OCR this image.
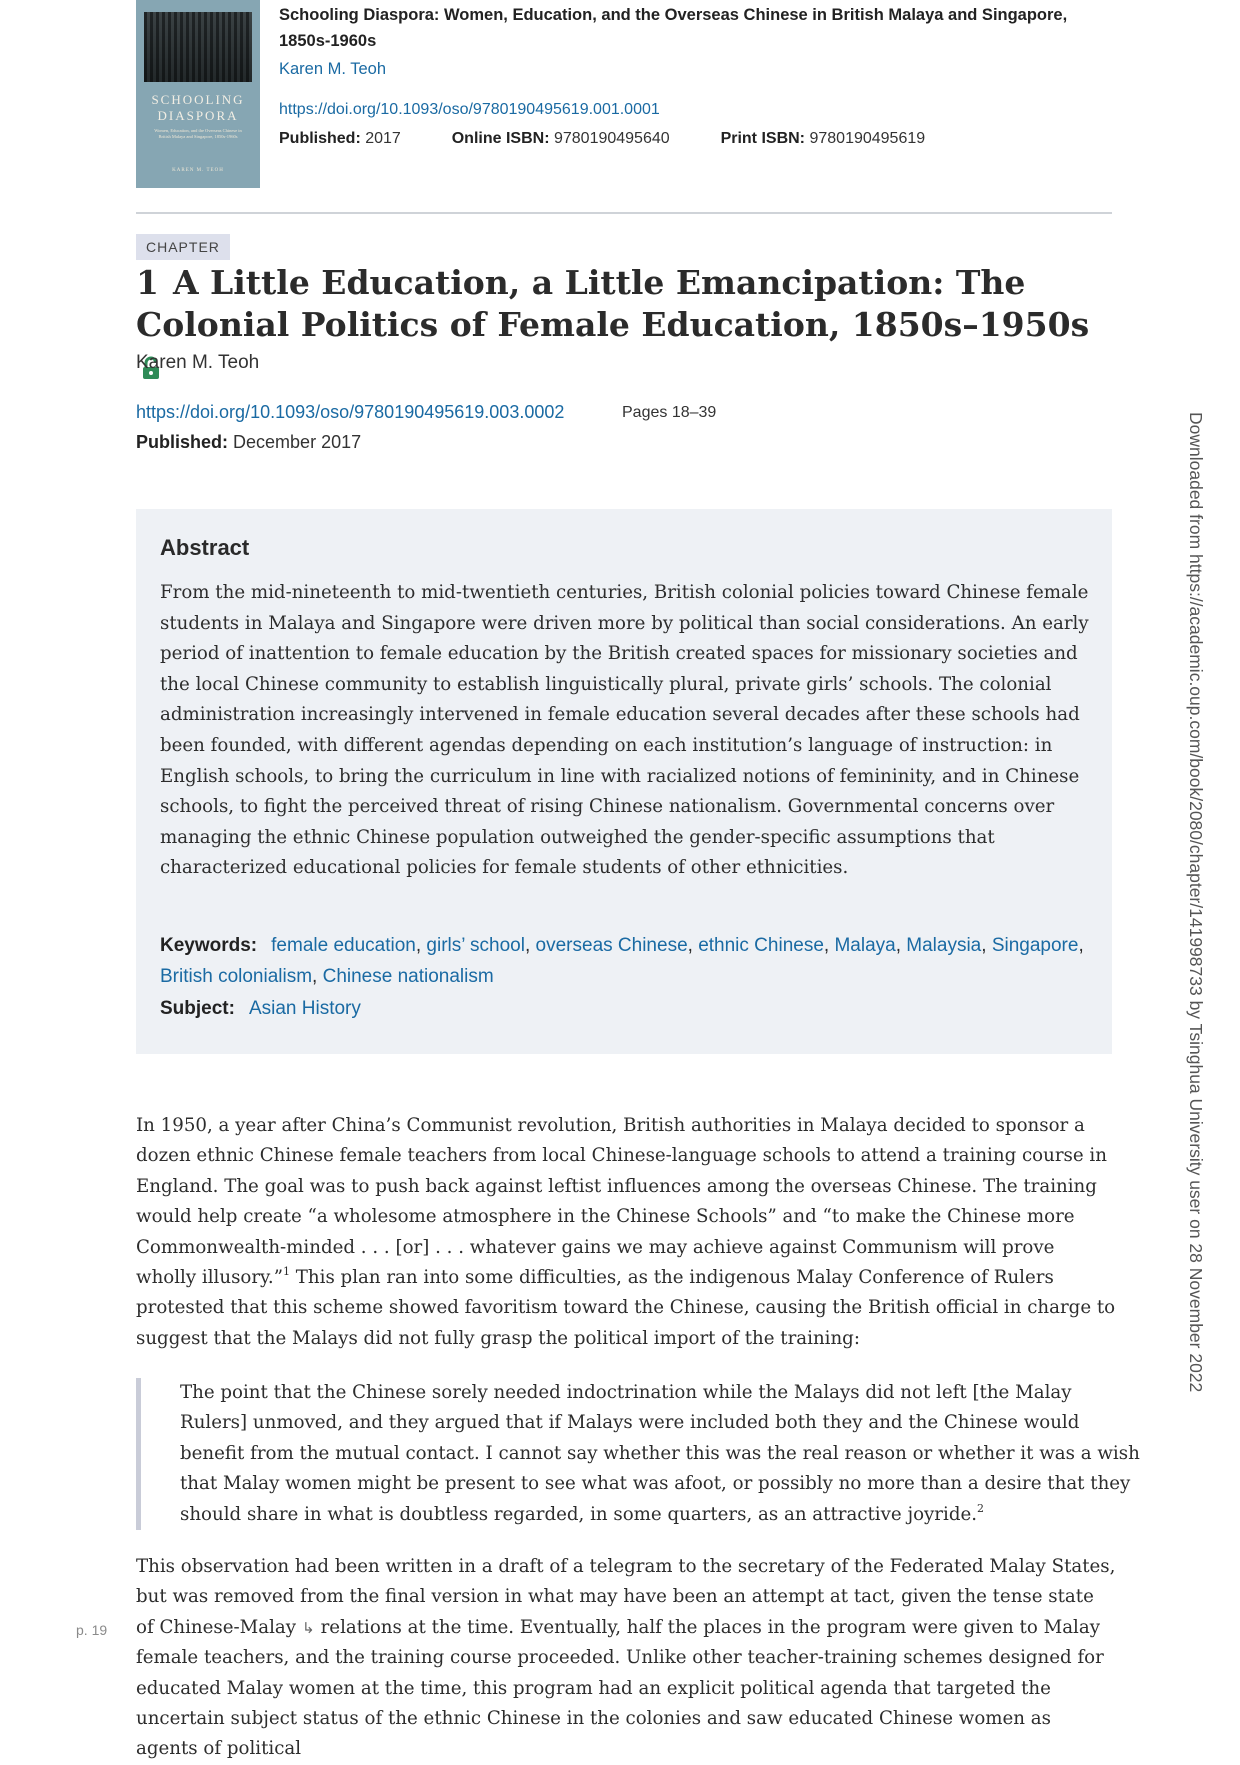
SCHOOLING
DIASPORA
Women, Education, and the Overseas Chinese in British Malaya and Singapore, 1850s-1960s
KAREN M. TEOH
Schooling Diaspora: Women, Education, and the Overseas Chinese in British Malaya and Singapore, 1850s-1960s
Karen M. Teoh
https://doi.org/10.1093/oso/9780190495619.001.0001
Published: 2017	Online ISBN: 9780190495640	Print ISBN: 9780190495619
CHAPTER
1 A Little Education, a Little Emancipation: The Colonial Politics of Female Education, 1850s–1950s
Karen M. Teoh
https://doi.org/10.1093/oso/9780190495619.003.0002	Pages 18–39
Published: December 2017
Abstract

From the mid-nineteenth to mid-twentieth centuries, British colonial policies toward Chinese female students in Malaya and Singapore were driven more by political than social considerations. An early period of inattention to female education by the British created spaces for missionary societies and the local Chinese community to establish linguistically plural, private girls’ schools. The colonial administration increasingly intervened in female education several decades after these schools had been founded, with different agendas depending on each institution’s language of instruction: in English schools, to bring the curriculum in line with racialized notions of femininity, and in Chinese schools, to fight the perceived threat of rising Chinese nationalism. Governmental concerns over managing the ethnic Chinese population outweighed the gender-specific assumptions that characterized educational policies for female students of other ethnicities.

Keywords: female education, girls’ school, overseas Chinese, ethnic Chinese, Malaya, Malaysia, Singapore, British colonialism, Chinese nationalism
Subject: Asian History

In 1950, a year after China’s Communist revolution, British authorities in Malaya decided to sponsor a dozen ethnic Chinese female teachers from local Chinese-language schools to attend a training course in England. The goal was to push back against leftist influences among the overseas Chinese. The training would help create “a wholesome atmosphere in the Chinese Schools” and “to make the Chinese more Commonwealth-minded . . . [or] . . . whatever gains we may achieve against Communism will prove wholly illusory.”$^1$ This plan ran into some difficulties, as the indigenous Malay Conference of Rulers protested that this scheme showed favoritism toward the Chinese, causing the British official in charge to suggest that the Malays did not fully grasp the political import of the training:

The point that the Chinese sorely needed indoctrination while the Malays did not left [the Malay Rulers] unmoved, and they argued that if Malays were included both they and the Chinese would benefit from the mutual contact. I cannot say whether this was the real reason or whether it was a wish that Malay women might be present to see what was afoot, or possibly no more than a desire that they should share in what is doubtless regarded, in some quarters, as an attractive joyride.$^2$
p. 19

This observation had been written in a draft of a telegram to the secretary of the Federated Malay States, but was removed from the final version in what may have been an attempt at tact, given the tense state of Chinese-Malay ↳ relations at the time. Eventually, half the places in the program were given to Malay female teachers, and the training course proceeded. Unlike other teacher-training schemes designed for educated Malay women at the time, this program had an explicit political agenda that targeted the uncertain subject status of the ethnic Chinese in the colonies and saw educated Chinese women as agents of political

Downloaded from https://academic.oup.com/book/2080/chapter/141998733 by Tsinghua University user on 28 November 2022
